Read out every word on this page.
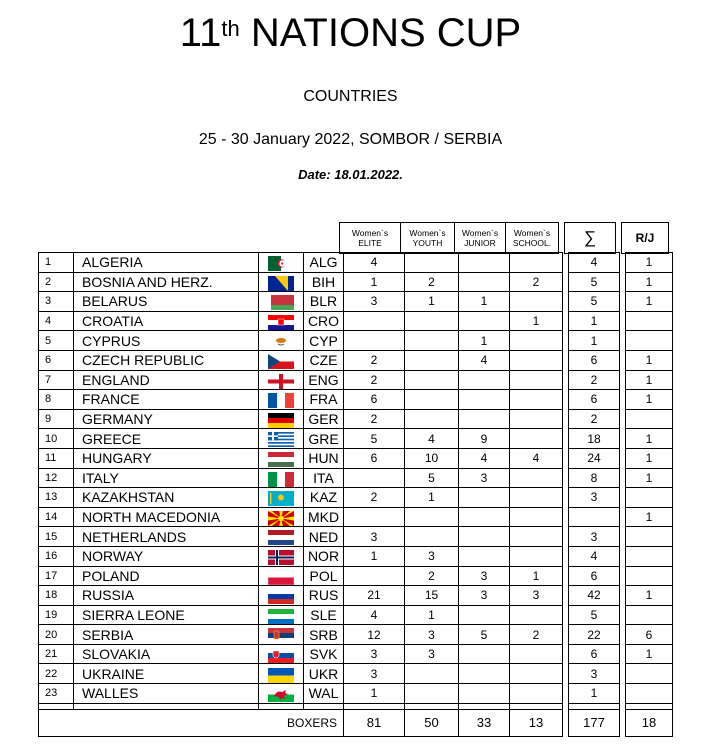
11th NATIONS CUP
COUNTRIES
25 - 30 January 2022, SOMBOR / SERBIA
Date: 18.01.2022.
Women`s
ELITE

Women`s
YOUTH

Women`s
JUNIOR

Women`s
SCHOOL.		∑		R/J
1	ALGERIA		ALG	4					4		1
2	BOSNIA AND HERZ.		BIH	1	2		2		5		1
3	BELARUS		BLR	3	1	1			5		1
4	CROATIA		CRO				1		1		
5	CYPRUS		CYP			1			1		
6	CZECH REPUBLIC		CZE	2		4			6		1
7	ENGLAND		ENG	2					2		1
8	FRANCE		FRA	6					6		1
9	GERMANY		GER	2					2		
10	GREECE		GRE	5	4	9			18		1
11	HUNGARY		HUN	6	10	4	4		24		1
12	ITALY		ITA		5	3			8		1
13	KAZAKHSTAN		KAZ	2	1				3		
14	NORTH MACEDONIA		MKD								1
15	NETHERLANDS		NED	3					3		
16	NORWAY		NOR	1	3				4		
17	POLAND		POL		2	3	1		6		
18	RUSSIA		RUS	21	15	3	3		42		1
19	SIERRA LEONE		SLE	4	1				5		
20	SERBIA		SRB	12	3	5	2		22		6
21	SLOVAKIA		SVK	3	3				6		1
22	UKRAINE		UKR	3					3		
23	WALLES		WAL	1					1		

BOXERS				81	50	33	13		177		18
